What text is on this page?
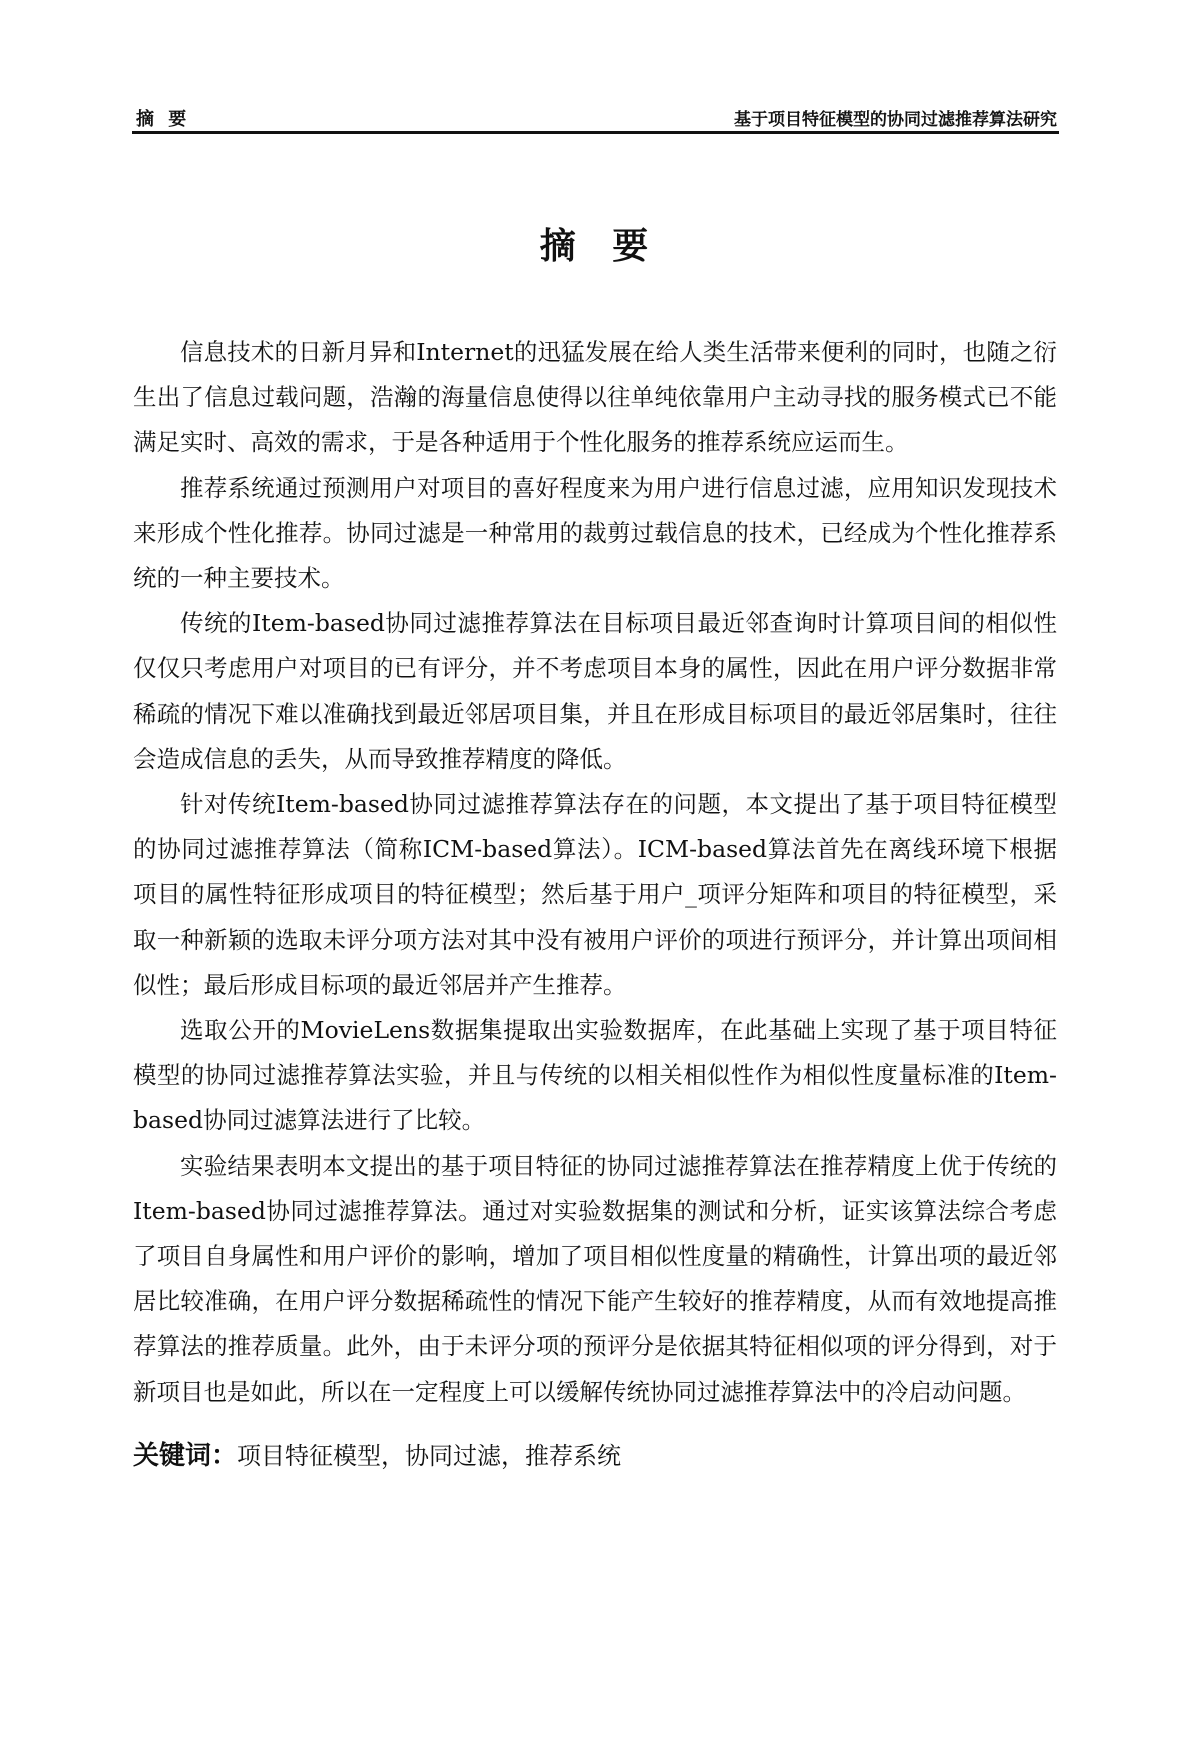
摘 要	基于项目特征模型的协同过滤推荐算法研究
摘 要

信息技术的日新月异和Internet的迅猛发展在给人类生活带来便利的同时，也随之衍生出了信息过载问题，浩瀚的海量信息使得以往单纯依靠用户主动寻找的服务模式已不能满足实时、高效的需求，于是各种适用于个性化服务的推荐系统应运而生。

推荐系统通过预测用户对项目的喜好程度来为用户进行信息过滤，应用知识发现技术来形成个性化推荐。协同过滤是一种常用的裁剪过载信息的技术，已经成为个性化推荐系统的一种主要技术。

传统的Item-based协同过滤推荐算法在目标项目最近邻查询时计算项目间的相似性仅仅只考虑用户对项目的已有评分，并不考虑项目本身的属性，因此在用户评分数据非常稀疏的情况下难以准确找到最近邻居项目集，并且在形成目标项目的最近邻居集时，往往会造成信息的丢失，从而导致推荐精度的降低。

针对传统Item-based协同过滤推荐算法存在的问题，本文提出了基于项目特征模型的协同过滤推荐算法（简称ICM-based算法）。ICM-based算法首先在离线环境下根据项目的属性特征形成项目的特征模型；然后基于用户_项评分矩阵和项目的特征模型，采取一种新颖的选取未评分项方法对其中没有被用户评价的项进行预评分，并计算出项间相似性；最后形成目标项的最近邻居并产生推荐。

选取公开的MovieLens数据集提取出实验数据库，在此基础上实现了基于项目特征模型的协同过滤推荐算法实验，并且与传统的以相关相似性作为相似性度量标准的Item-based协同过滤算法进行了比较。

实验结果表明本文提出的基于项目特征的协同过滤推荐算法在推荐精度上优于传统的Item-based协同过滤推荐算法。通过对实验数据集的测试和分析，证实该算法综合考虑了项目自身属性和用户评价的影响，增加了项目相似性度量的精确性，计算出项的最近邻居比较准确，在用户评分数据稀疏性的情况下能产生较好的推荐精度，从而有效地提高推荐算法的推荐质量。此外，由于未评分项的预评分是依据其特征相似项的评分得到，对于新项目也是如此，所以在一定程度上可以缓解传统协同过滤推荐算法中的冷启动问题。

关键词：项目特征模型，协同过滤，推荐系统
